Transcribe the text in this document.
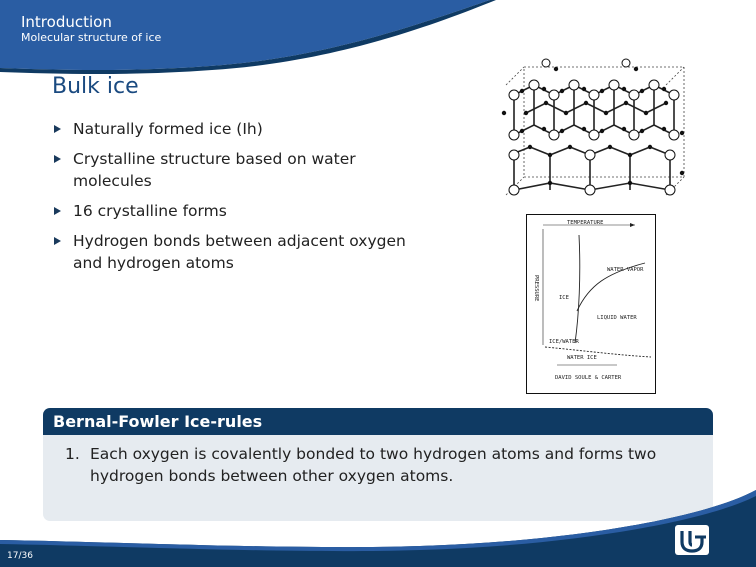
Introduction
Molecular structure of ice
Bulk ice
Naturally formed ice (Ih)
Crystalline structure based on water molecules
16 crystalline forms
Hydrogen bonds between adjacent oxygen and hydrogen atoms
TEMPERATURE
PRESSURE	ICE
WATER VAPOR
LIQUID WATER
ICE/WATER
WATER ICE
DAVID SOULE & CARTER
Bernal-Fowler Ice-rules
1. Each oxygen is covalently bonded to two hydrogen atoms and forms two hydrogen bonds between other oxygen atoms.
17/36
